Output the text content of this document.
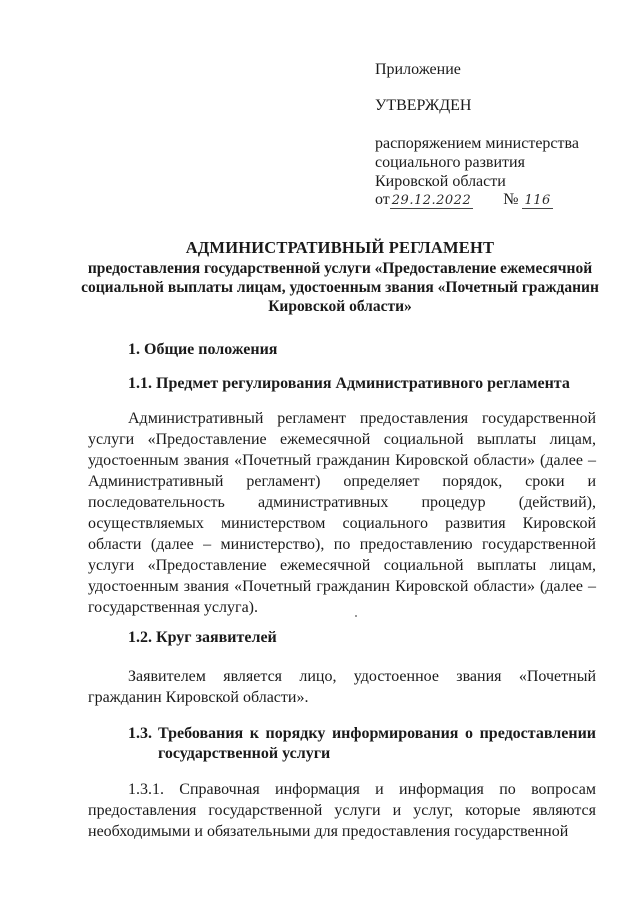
Приложение
УТВЕРЖДЕН
распоряжением министерства
социального развития
Кировской области
от 29.12.2022 № 116
АДМИНИСТРАТИВНЫЙ РЕГЛАМЕНТ
предоставления государственной услуги «Предоставление ежемесячной социальной выплаты лицам, удостоенным звания «Почетный гражданин Кировской области»
1. Общие положения
1.1. Предмет регулирования Административного регламента
Административный регламент предоставления государственной услуги «Предоставление ежемесячной социальной выплаты лицам, удостоенным звания «Почетный гражданин Кировской области» (далее – Административный регламент) определяет порядок, сроки и последовательность административных процедур (действий), осуществляемых министерством социального развития Кировской области (далее – министерство), по предоставлению государственной услуги «Предоставление ежемесячной социальной выплаты лицам, удостоенным звания «Почетный гражданин Кировской области» (далее – государственная услуга).
1.2. Круг заявителей
Заявителем является лицо, удостоенное звания «Почетный гражданин Кировской области».
1.3. Требования к порядку информирования о предоставлении государственной услуги
1.3.1. Справочная информация и информация по вопросам предоставления государственной услуги и услуг, которые являются необходимыми и обязательными для предоставления государственной
